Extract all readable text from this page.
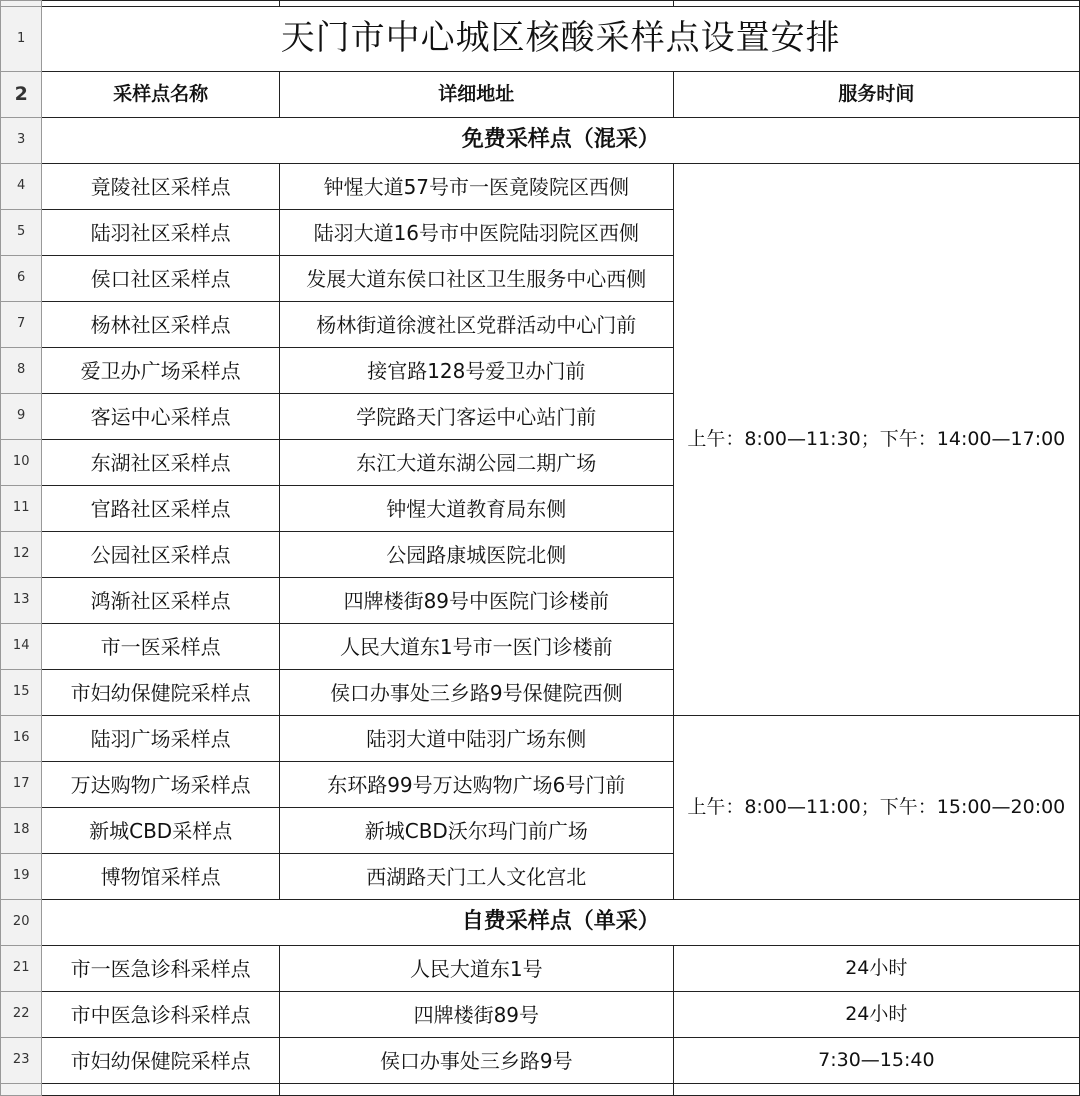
1	天门市中心城区核酸采样点设置安排		
2	采样点名称	详细地址	服务时间
3	免费采样点（混采）		
4	竟陵社区采样点	钟惺大道57号市一医竟陵院区西侧	上午：8:00—11:30；下午：14:00—17:00
5	陆羽社区采样点	陆羽大道16号市中医院陆羽院区西侧	
6	侯口社区采样点	发展大道东侯口社区卫生服务中心西侧	
7	杨林社区采样点	杨林街道徐渡社区党群活动中心门前	
8	爱卫办广场采样点	接官路128号爱卫办门前	
9	客运中心采样点	学院路天门客运中心站门前	
10	东湖社区采样点	东江大道东湖公园二期广场	
11	官路社区采样点	钟惺大道教育局东侧	
12	公园社区采样点	公园路康城医院北侧	
13	鸿渐社区采样点	四牌楼街89号中医院门诊楼前	
14	市一医采样点	人民大道东1号市一医门诊楼前	
15	市妇幼保健院采样点	侯口办事处三乡路9号保健院西侧	
16	陆羽广场采样点	陆羽大道中陆羽广场东侧	上午：8:00—11:00；下午：15:00—20:00
17	万达购物广场采样点	东环路99号万达购物广场6号门前	
18	新城CBD采样点	新城CBD沃尔玛门前广场	
19	博物馆采样点	西湖路天门工人文化宫北	
20	自费采样点（单采）		
21	市一医急诊科采样点	人民大道东1号	24小时
22	市中医急诊科采样点	四牌楼街89号	24小时
23	市妇幼保健院采样点	侯口办事处三乡路9号	7:30—15:40
